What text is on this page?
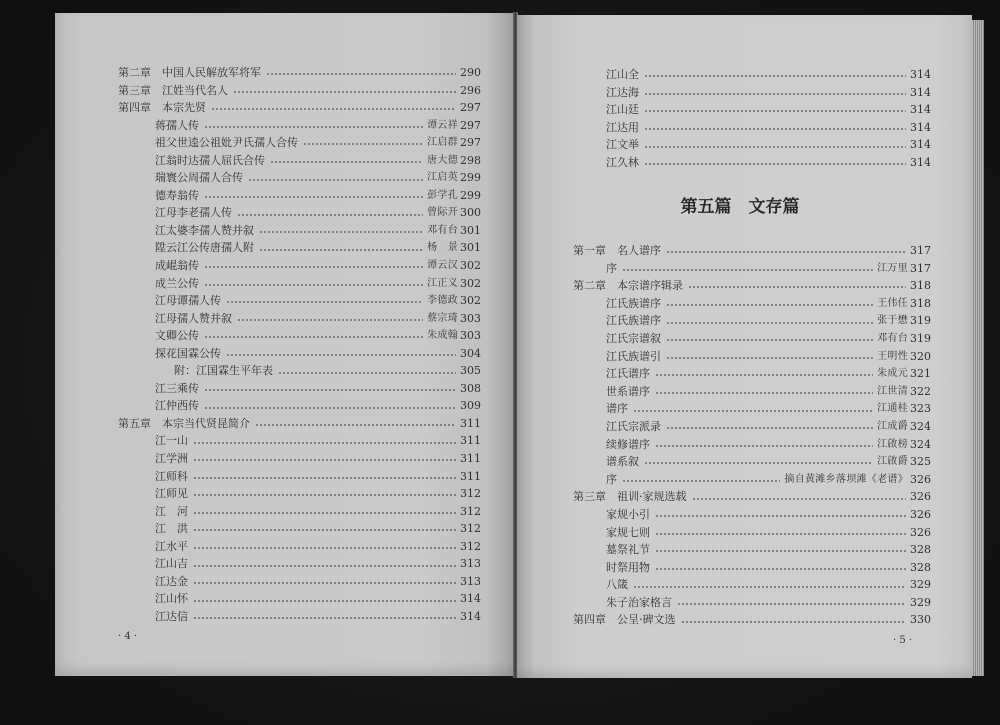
第二章 中国人民解放军将军	290
第三章 江姓当代名人	296
第四章 本宗先贤	297
蒋孺人传	谭云祥 297
祖父世逵公祖妣尹氏孺人合传	江启群 297
江翁时达孺人屈氏合传	唐大德 298
瑞寰公周孺人合传	江启英 299
德寿翁传	彭学孔 299
江母李老孺人传	曾际开 300
江太婆李孺人赞并叙	邓有台 301
陞云江公传唐孺人附	杨　景 301
成崐翁传	谭云汉 302
成兰公传	江正义 302
江母谭孺人传	李德政 302
江母孺人赞并叙	蔡宗琦 303
文卿公传	朱成翰 303
探花国霖公传	304
附：江国霖生平年表	305
江三乘传	308
江仲西传	309
第五章 本宗当代贤昆简介	311
江一山	311
江学洲	311
江师科	311
江师见	312
江　河	312
江　洪	312
江水平	312
江山吉	313
江达金	313
江山怀	314
江达信	314
· 4 ·
江山全	314
江达海	314
江山廷	314
江达用	314
江文举	314
江久林	314
第五篇　文存篇
第一章 名人谱序	317
序	江万里 317
第二章 本宗谱序辑录	318
江氏族谱序	王伟任 318
江氏族谱序	张于懋 319
江氏宗谱叙	邓有台 319
江氏族谱引	王明性 320
江氏谱序	朱成元 321
世系谱序	江世清 322
谱序	江通桂 323
江氏宗派录	江成爵 324
续修谱序	江啟榜 324
谱系叙	江啟爵 325
序	摘自黄滩乡落坝滩《老谱》 326
第三章 祖训·家规选载	326
家规小引	326
家规七则	326
墓祭礼节	328
时祭用物	328
八箴	329
朱子治家格言	329
第四章 公呈·碑文选	330
· 5 ·
